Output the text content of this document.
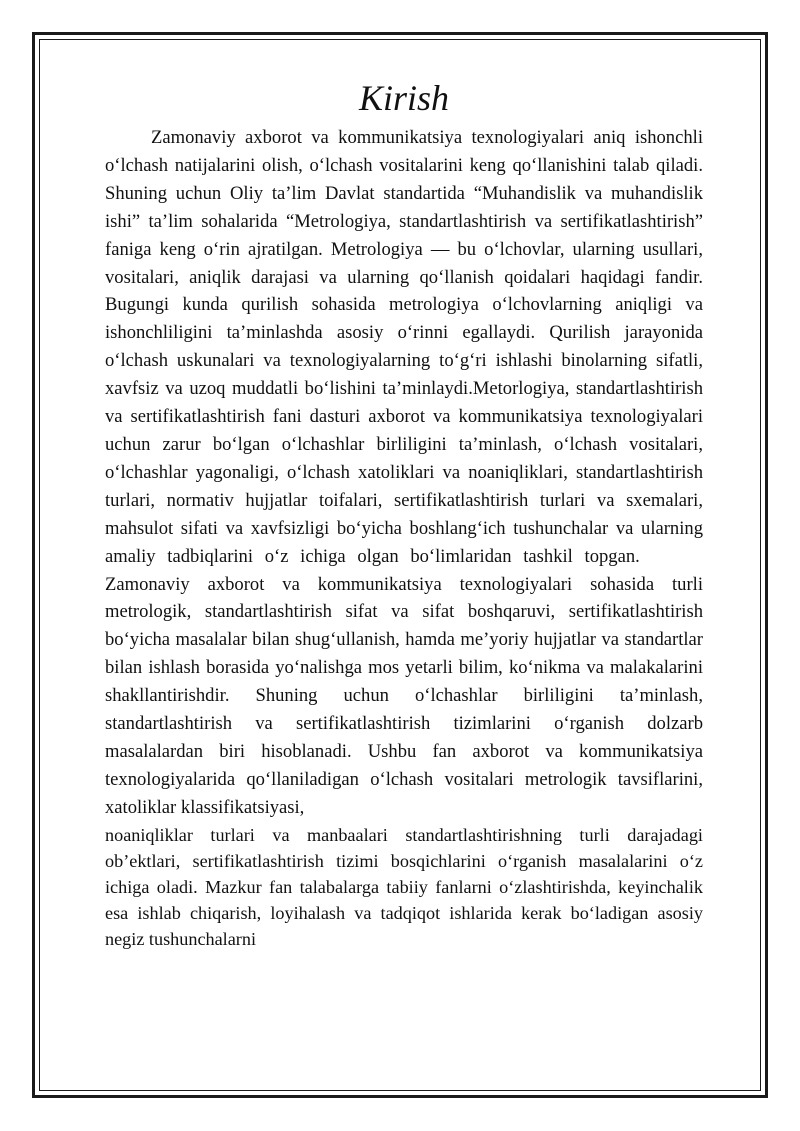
Kirish

Zamonaviy axborot va kommunikatsiya texnologiyalari aniq ishonchli o‘lchash natijalarini olish, o‘lchash vositalarini keng qo‘llanishini talab qiladi. Shuning uchun Oliy ta’lim Davlat standartida “Muhandislik va muhandislik ishi” ta’lim sohalarida “Metrologiya, standartlashtirish va sertifikatlashtirish” faniga keng o‘rin ajratilgan. Metrologiya — bu o‘lchovlar, ularning usullari, vositalari, aniqlik darajasi va ularning qo‘llanish qoidalari haqidagi fandir. Bugungi kunda qurilish sohasida metrologiya o‘lchovlarning aniqligi va ishonchliligini ta’minlashda asosiy o‘rinni egallaydi. Qurilish jarayonida o‘lchash uskunalari va texnologiyalarning to‘g‘ri ishlashi binolarning sifatli, xavfsiz va uzoq muddatli bo‘lishini ta’minlaydi.Metorlogiya, standartlashtirish va sertifikatlashtirish fani dasturi axborot va kommunikatsiya texnologiyalari uchun zarur bo‘lgan o‘lchashlar birliligini ta’minlash, o‘lchash vositalari, o‘lchashlar yagonaligi, o‘lchash xatoliklari va noaniqliklari, standartlashtirish turlari, normativ hujjatlar toifalari, sertifikatlashtirish turlari va sxemalari, mahsulot sifati va xavfsizligi bo‘yicha boshlang‘ich tushunchalar va ularning amaliy tadbiqlarini o‘z ichiga olgan bo‘limlaridan tashkil topgan.       Zamonaviy axborot va kommunikatsiya texnologiyalari sohasida turli metrologik, standartlashtirish sifat va sifat boshqaruvi, sertifikatlashtirish bo‘yicha masalalar bilan shug‘ullanish, hamda me’yoriy hujjatlar va standartlar bilan ishlash borasida yo‘nalishga mos yetarli bilim, ko‘nikma va malakalarini shakllantirishdir. Shuning uchun o‘lchashlar birliligini ta’minlash, standartlashtirish va sertifikatlashtirish tizimlarini o‘rganish dolzarb masalalardan biri hisoblanadi. Ushbu fan axborot va kommunikatsiya texnologiyalarida qo‘llaniladigan o‘lchash vositalari metrologik tavsiflarini, xatoliklar klassifikatsiyasi,

noaniqliklar turlari va manbaalari standartlashtirishning turli darajadagi ob’ektlari, sertifikatlashtirish tizimi bosqichlarini o‘rganish masalalarini o‘z ichiga oladi. Mazkur fan talabalarga tabiiy fanlarni o‘zlashtirishda, keyinchalik esa ishlab chiqarish, loyihalash va tadqiqot ishlarida kerak bo‘ladigan asosiy negiz tushunchalarni
